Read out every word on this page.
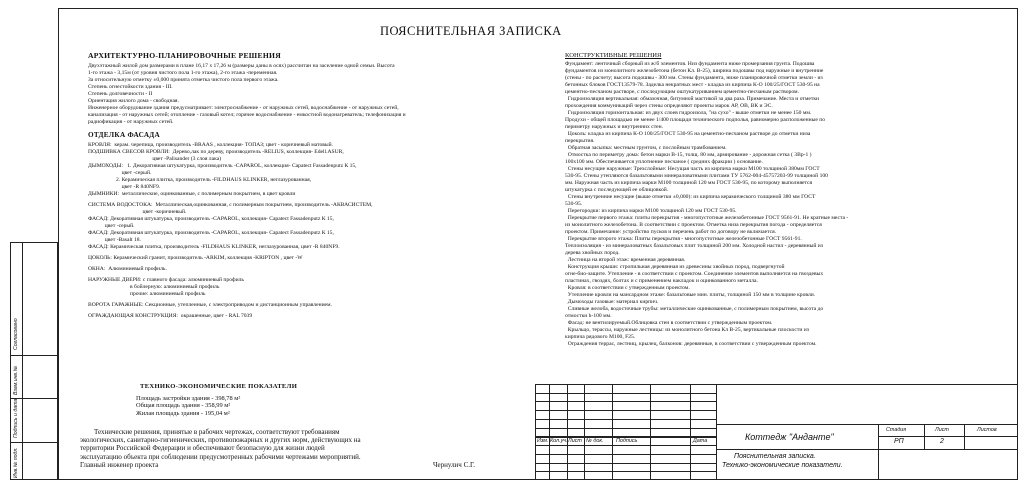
Согласовано
Взам.инв.№
Подпись и дата
Инв.№ подл.
ПОЯСНИТЕЛЬНАЯ ЗАПИСКА

АРХИТЕКТУРНО-ПЛАНИРОВОЧНЫЕ РЕШЕНИЯ

Двухэтажный жилой дом размерами в плане 16,17 х 17,26 м (размеры даны в осях) рассчитан на заселение одной семьи. Высота

1-го этажа - 3,15м (от уровня чистого пола 1-го этажа), 2-го этажа -переменная.

За относительную отметку ±0,000 принята отметка чистого пола первого этажа.

Степень огнестойкости здания - III.

Степень долговечности - II

Ориентация жилого дома - свободная.

Инженерное оборудование здания предусматривает: электроснабжение - от наружных сетей, водоснабжение - от наружных сетей,

канализация - от наружных сетей; отопление - газовый котел; горячее водоснабжение - емкостной водонагреватель; телефонизация и

радиофикация - от наружных сетей.

ОТДЕЛКА ФАСАДА

КРОВЛЯ:  керам. черепица, производитель -BRAAS , коллекция- ТОПАЗ; цвет - коричневый матовый.

ПОДШИВКА СВЕСОВ КРОВЛИ:  Дерево,лак по дереву, производитель -RELIUS, коллекция- Edell.ASUR,

цвет -Palisander (3 слоя лака)

ДЫМОХОДЫ:   1. Декоративная штукатурка, производитель -CAPAROL, коллекция- Capatect Fassadenputz К 15,

цвет -серый.

2. Керамическая плитка, производитель -FILDHAUS KLINKER, неглазурованная,

цвет -R 840NF9.

ДЫМНИКИ:  металлические, оцинкованные, с полимерным покрытием, в цвет кровли

СИСТЕМА ВОДОСТОКА:  Металлическая,оцинкованная, с полимерным покрытием, производитель -АКВАСИСТЕМ,

цвет -коричневый.

ФАСАД: Декоративная штукатурка, производитель -CAPAROL, коллекция- Capatect Fassadenputz К 15,

цвет -серый.

ФАСАД: Декоративная штукатурка, производитель -CAPAROL, коллекция- Capatect Fassadenputz К 15,

цвет -Basalt 18.

ФАСАД: Керамическая плитка, производитель -FILDHAUS KLINKER, неглазурованная, цвет -R 840NF9.

ЦОКОЛЬ: Керамический гранит, производитель -ARKIM, коллекция -KRIPTON , цвет -W

ОКНА:  Алюминиевый профиль.

НАРУЖНЫЕ ДВЕРИ: с главного фасада: алюминиевый профиль

в бойлерную: алюминиевый профиль

прочие: алюминиевый профиль

ВОРОТА ГАРАЖНЫЕ: Секционные, утепленные, с электроприводом и дистанционным управлением.

ОГРАЖДАЮЩАЯ КОНСТРУКЦИЯ:  окрашенные, цвет - RAL 7039

ТЕХНИКО-ЭКОНОМИЧЕСКИЕ ПОКАЗАТЕЛИ

Площадь застройки здания - 398,78 м²

Общая площадь здания - 358,99 м²

Жилая площадь здания - 195,04 м²

Технические решения, принятые в рабочих чертежах, соответствуют требованиям

экологических, санитарно-гигиенических, противопожарных и других норм, действующих на

территории Российской Федерации и обеспечивают безопасную для жизни людей

эксплуатацию объекта при соблюдении предусмотренных рабочими чертежами мероприятий.

Главный инженер проекта	Чернулич С.Г.

КОНСТРУКТИВНЫЕ РЕШЕНИЯ

Фундамент: ленточный сборный из ж/б элементов. Низ фундамента ниже промерзания грунта. Подошва

фундаментов из монолитного железобетона (бетон Кл. В-25), ширина подошвы под наружные и внутренние

(стены - по расчету; высота подошвы - 300 мм. Стены фундамента, ниже планировочной отметки земли - из

бетонных блоков ГОСТ13579-78. Заделка некратных мест - кладка из кирпича К-О 100/25/ГОСТ 530-95 на

цементно-песчаном растворе, с последующим оштукатуриванием цементно-песчаным раствором.

Гидроизоляция вертикальная: обмазочная, битумной мастикой за два раза. Примечание. Места и отметки

прохождения коммуникаций через стены определяют проекты марок АР, ОВ, ВК и ЭС.

Гидроизоляция горизонтальная: из двух слоев гидроизола, "на сухо" - выше отметки не менее 150 мм.

Продухи - общей площадью не менее 1/400 площади технического подполья, равномерно расположенные по

периметру наружных и внутренних стен.

Цоколь: кладка из кирпича К-О 100/25/ГОСТ 530-95 на цементно-песчаном растворе до отметки низа

перекрытия.

Обратная засыпка: местным грунтом, с послойным трамбованием.

Отмостка по периметру дома: бетон марки В-15, толщ. 80 мм, армирование - дорожная сетка ( 3Вр-1 )

100х100 мм. Обеспечивается уплотнение песчаное ( средних фракции ) основание.

Стены несущие наружные: Трехслойные: Несущая часть из кирпича марки М100 толщиной 380мм ГОСТ

530-95. Стены утепляются базальтовыми минераловатными плитами ТУ 5762-004-45757203-99 толщиной 100

мм. Наружная часть из кирпича марки М100 толщиной 120 мм ГОСТ 530-95, по которому выполняется

штукатурка с последующей ее облицовкой.

Стены внутренние несущие (выше отметки ±0,000): из кирпича керамического толщиной 380 мм ГОСТ

530-95.

Перегородки: из кирпича марки М100 толщиной 120 мм ГОСТ 530-95.

Перекрытие первого этажа: плиты перекрытия - многопустотные железобетонные ГОСТ 9561-91. Не кратные места -

из монолитного железобетона. В соответствии с проектом. Отметка низа перекрытия погода - определяется

проектом. Примечание: устройство пусков и перечень работ по договору не включается.

Перекрытие второго этажа: Плиты перекрытия - многопустотные железобетонные ГОСТ 9561-91.

Теплоизоляция - из минераловатных базальтовых плит толщиной 200 мм. Холодной настил - деревянный из

дерева хвойных пород.

Лестница на второй этаж: временная деревянная.

Конструкция крыши: стропильная деревянная из древесины хвойных пород, подвергнутой

огне-био-защите. Утепление - в соответствии с проектом. Соединение элементов выполняется на гвоздевых

пластинах, гвоздях, болтах и с применением накладок и оцинкованного металла.

Кровля: в соответствии с утвержденным проектом.

Утепление кровли на мансардном этаже: базальтовые мин. плиты, толщиной 150 мм в толщине кровли.

Дымоходы газовые: материал кирпич.

Сливные желоба, водосточные трубы: металлические оцинкованные, с полимерным покрытием, высота до

отмостки h-100 мм.

Фасад: не вентилируемый.Облицовка стен в соответствии с утвержденным проектом.

Крыльцо, терассы, наружные лестницы: из монолитного бетона Кл В-25, вертикальные плоскости из

кирпича рядового М100, F25.

Ограждения террас, лестниц, крылец, балконов: деревянные, в соответствии с утвержденным проектом.

Коттедж "Андантe"
Стадия	Лист	Листов
РП	2
Пояснительная записка.
Технико-экономические показатели.
Изм. Кол.уч. Лист № док. Подпись	Дата
